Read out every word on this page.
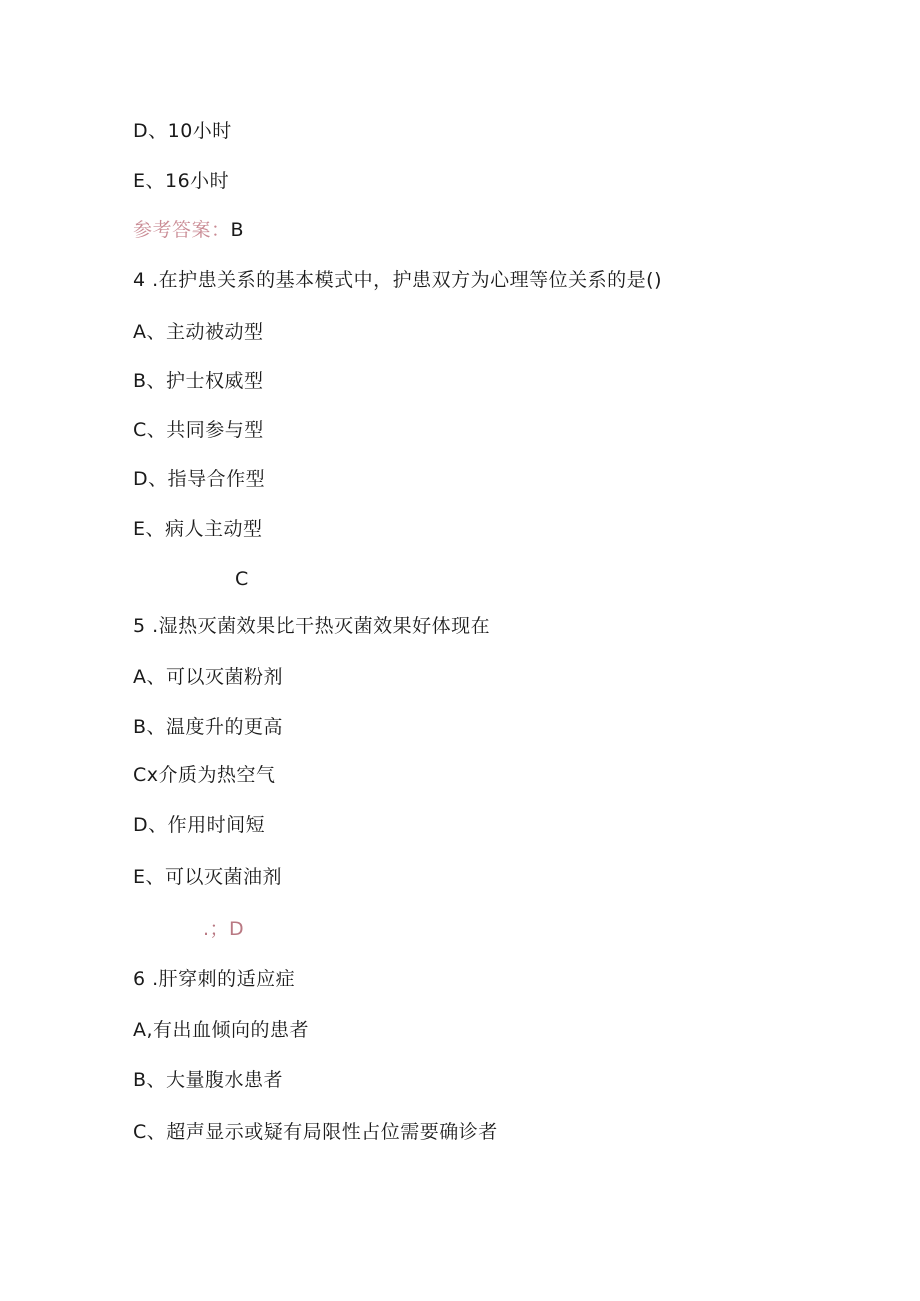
D、10小时
E、16小时
参考答案：B
4 .在护患关系的基本模式中，护患双方为心理等位关系的是()
A、主动被动型
B、护士权威型
C、共同参与型
D、指导合作型
E、病人主动型
C
5 .湿热灭菌效果比干热灭菌效果好体现在
A、可以灭菌粉剂
B、温度升的更高
Cx介质为热空气
D、作用时间短
E、可以灭菌油剂
.；D
6 .肝穿刺的适应症
A,有出血倾向的患者
B、大量腹水患者
C、超声显示或疑有局限性占位需要确诊者
